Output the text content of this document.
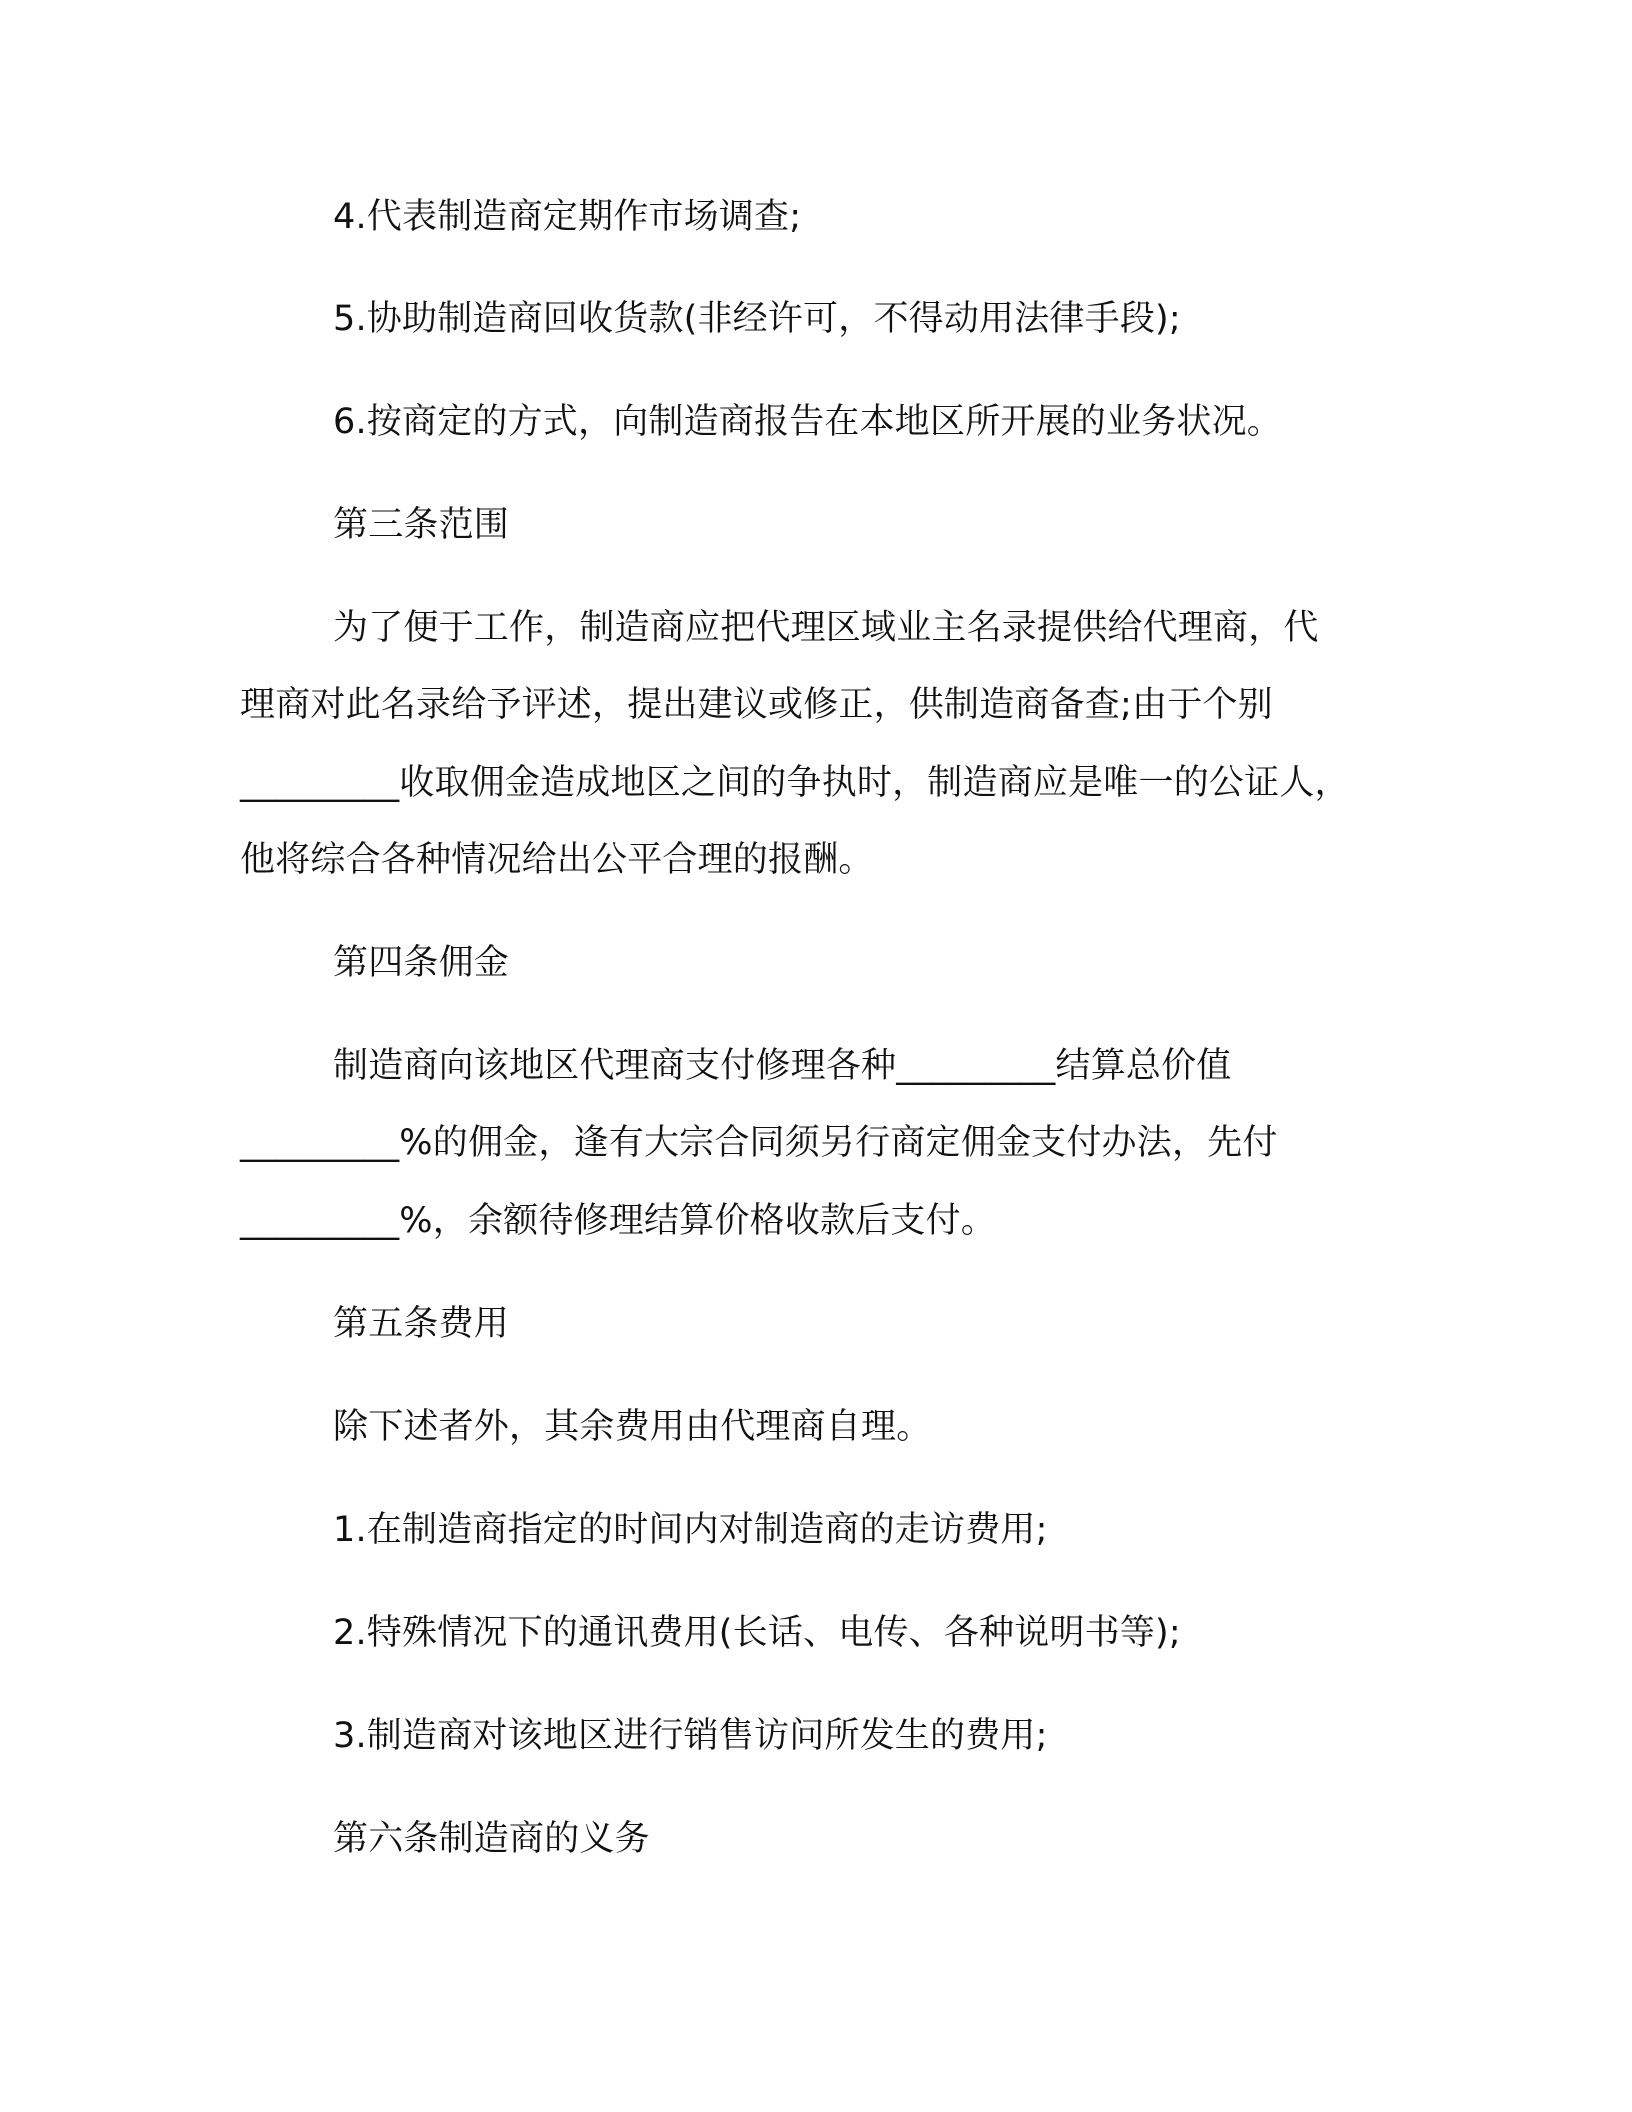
4.代表制造商定期作市场调查;
5.协助制造商回收货款(非经许可，不得动用法律手段);
6.按商定的方式，向制造商报告在本地区所开展的业务状况。
第三条范围
为了便于工作，制造商应把代理区域业主名录提供给代理商，代
理商对此名录给予评述，提出建议或修正，供制造商备查;由于个别
_________收取佣金造成地区之间的争执时，制造商应是唯一的公证人，
他将综合各种情况给出公平合理的报酬。
第四条佣金
制造商向该地区代理商支付修理各种_________结算总价值
_________%的佣金，逢有大宗合同须另行商定佣金支付办法，先付
_________%，余额待修理结算价格收款后支付。
第五条费用
除下述者外，其余费用由代理商自理。
1.在制造商指定的时间内对制造商的走访费用;
2.特殊情况下的通讯费用(长话、电传、各种说明书等);
3.制造商对该地区进行销售访问所发生的费用;
第六条制造商的义务
